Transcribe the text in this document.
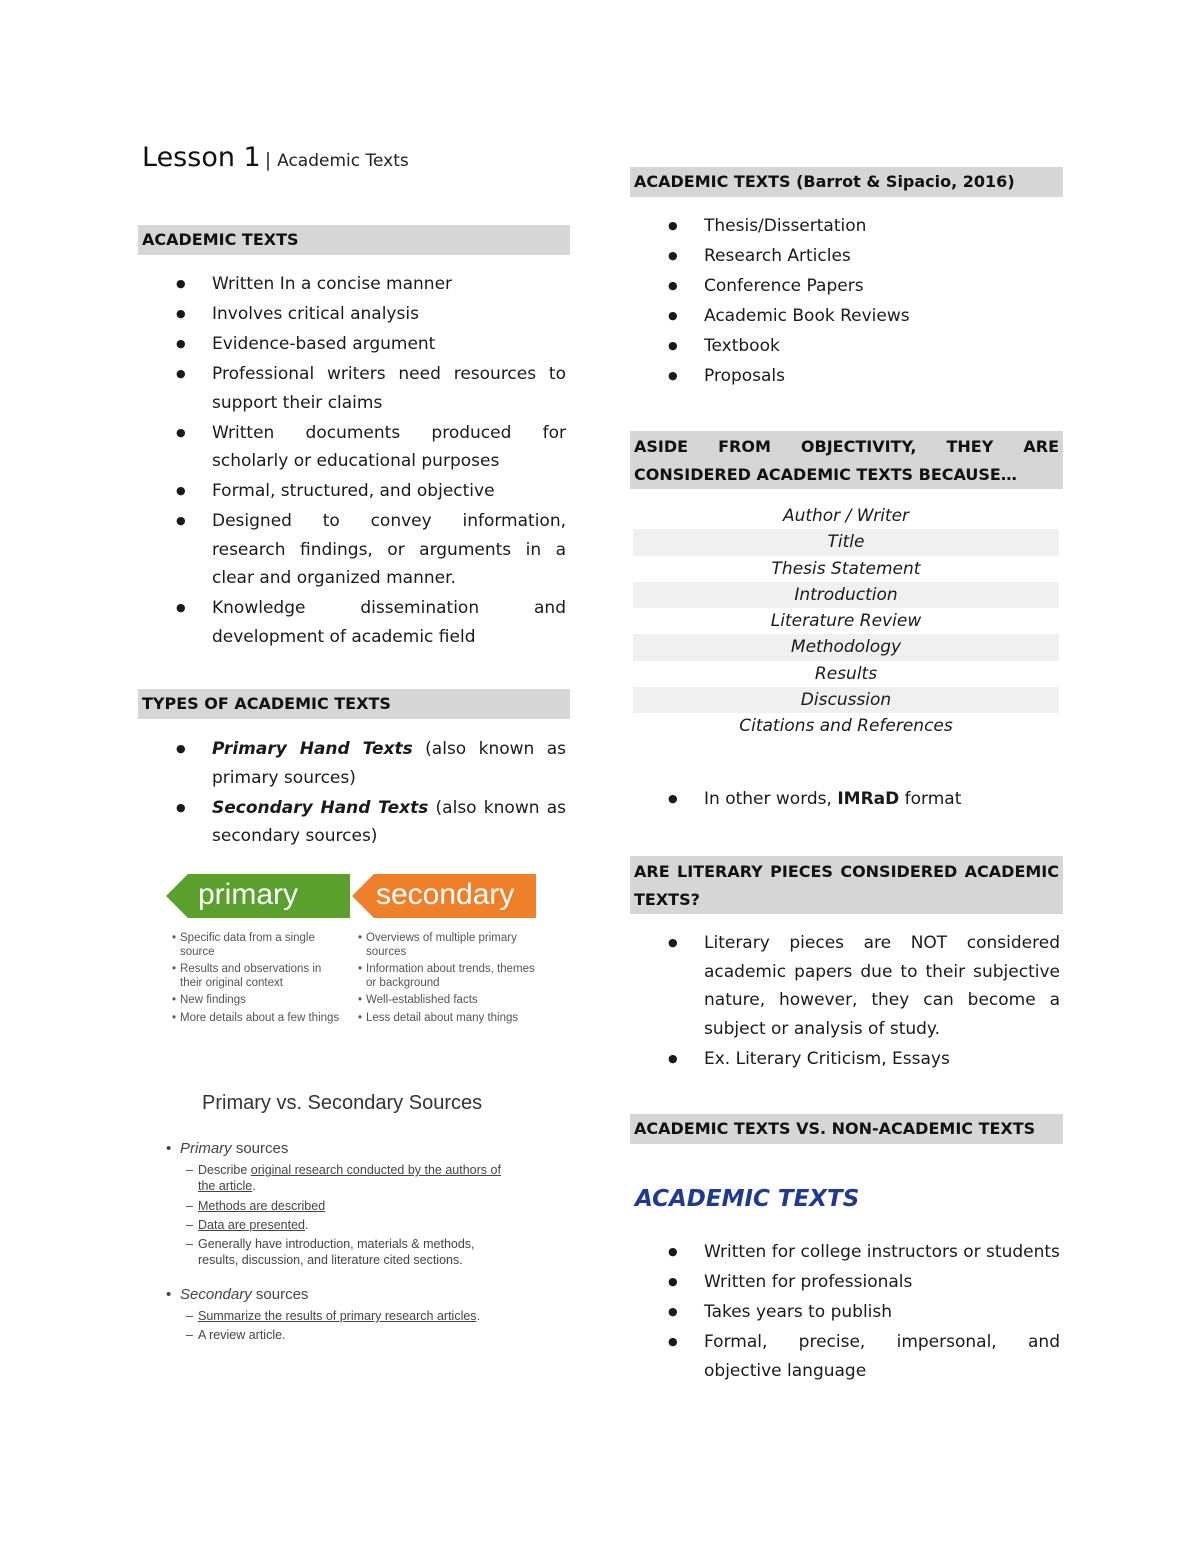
Lesson 1 | Academic Texts
ACADEMIC TEXTS
● Written In a concise manner
● Involves critical analysis
● Evidence-based argument
● Professional writers need resources to support their claims
● Written documents produced for scholarly or educational purposes
● Formal, structured, and objective
● Designed to convey information, research findings, or arguments in a clear and organized manner.
● Knowledge dissemination and development of academic field
TYPES OF ACADEMIC TEXTS
● Primary Hand Texts (also known as primary sources)
● Secondary Hand Texts (also known as secondary sources)
primary	secondary
• Specific data from a single source
• Results and observations in their original context
• New findings
• More details about a few things
• Overviews of multiple primary sources
• Information about trends, themes or background
• Well-established facts
• Less detail about many things
Primary vs. Secondary Sources
• Primary sources
– Describe original research conducted by the authors of the article.
– Methods are described
– Data are presented.
– Generally have introduction, materials & methods, results, discussion, and literature cited sections.
• Secondary sources
– Summarize the results of primary research articles.
– A review article.
ACADEMIC TEXTS (Barrot & Sipacio, 2016)
● Thesis/Dissertation
● Research Articles
● Conference Papers
● Academic Book Reviews
● Textbook
● Proposals
ASIDE FROM OBJECTIVITY, THEY ARE CONSIDERED ACADEMIC TEXTS BECAUSE…
Author / Writer
Title
Thesis Statement
Introduction
Literature Review
Methodology
Results
Discussion
Citations and References
● In other words, IMRaD format
ARE LITERARY PIECES CONSIDERED ACADEMIC TEXTS?
● Literary pieces are NOT considered academic papers due to their subjective nature, however, they can become a subject or analysis of study.
● Ex. Literary Criticism, Essays
ACADEMIC TEXTS VS. NON-ACADEMIC TEXTS
ACADEMIC TEXTS
● Written for college instructors or students
● Written for professionals
● Takes years to publish
● Formal, precise, impersonal, and objective language
